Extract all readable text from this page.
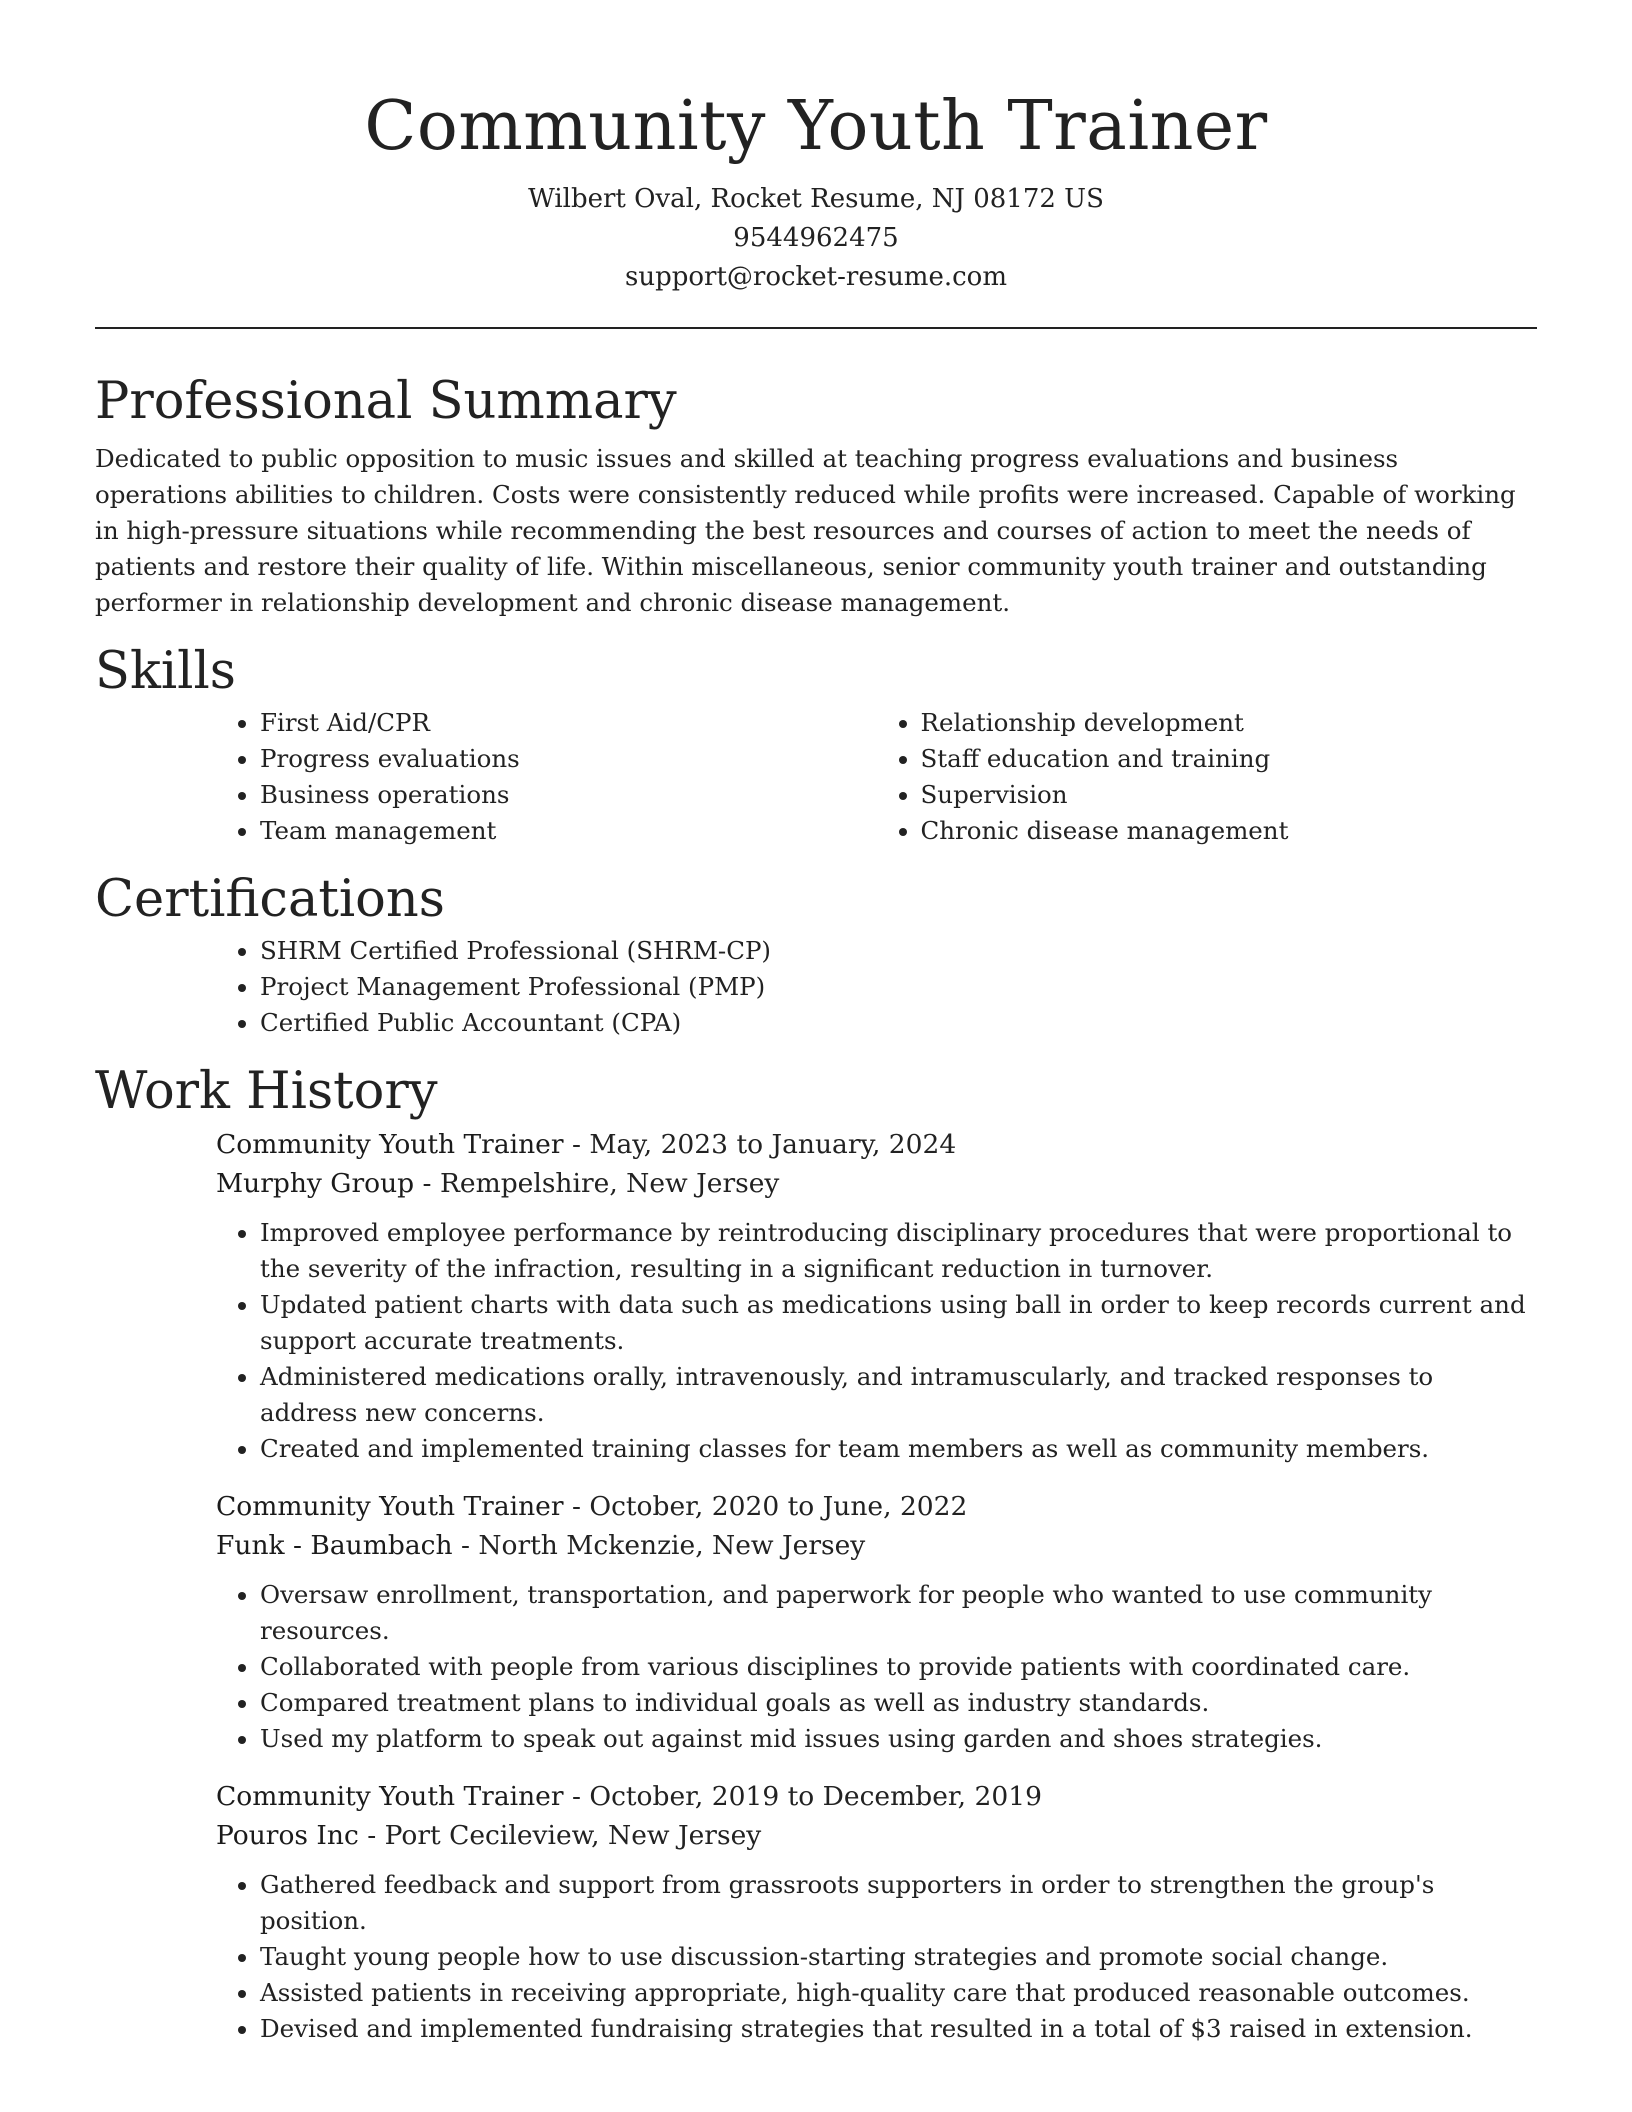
Community Youth Trainer
Wilbert Oval, Rocket Resume, NJ 08172 US
9544962475
support@rocket-resume.com
Professional Summary

Dedicated to public opposition to music issues and skilled at teaching progress evaluations and business operations abilities to children. Costs were consistently reduced while profits were increased. Capable of working in high-pressure situations while recommending the best resources and courses of action to meet the needs of patients and restore their quality of life. Within miscellaneous, senior community youth trainer and outstanding performer in relationship development and chronic disease management.

Skills
• First Aid/CPR
• Progress evaluations
• Business operations
• Team management
• Relationship development
• Staff education and training
• Supervision
• Chronic disease management
Certifications
• SHRM Certified Professional (SHRM-CP)
• Project Management Professional (PMP)
• Certified Public Accountant (CPA)
Work History

Community Youth Trainer - May, 2023 to January, 2024

Murphy Group - Rempelshire, New Jersey

• Improved employee performance by reintroducing disciplinary procedures that were proportional to the severity of the infraction, resulting in a significant reduction in turnover.
• Updated patient charts with data such as medications using ball in order to keep records current and support accurate treatments.
• Administered medications orally, intravenously, and intramuscularly, and tracked responses to address new concerns.
• Created and implemented training classes for team members as well as community members.

Community Youth Trainer - October, 2020 to June, 2022

Funk - Baumbach - North Mckenzie, New Jersey

• Oversaw enrollment, transportation, and paperwork for people who wanted to use community resources.
• Collaborated with people from various disciplines to provide patients with coordinated care.
• Compared treatment plans to individual goals as well as industry standards.
• Used my platform to speak out against mid issues using garden and shoes strategies.

Community Youth Trainer - October, 2019 to December, 2019

Pouros Inc - Port Cecileview, New Jersey

• Gathered feedback and support from grassroots supporters in order to strengthen the group's position.
• Taught young people how to use discussion-starting strategies and promote social change.
• Assisted patients in receiving appropriate, high-quality care that produced reasonable outcomes.
• Devised and implemented fundraising strategies that resulted in a total of $3 raised in extension.
